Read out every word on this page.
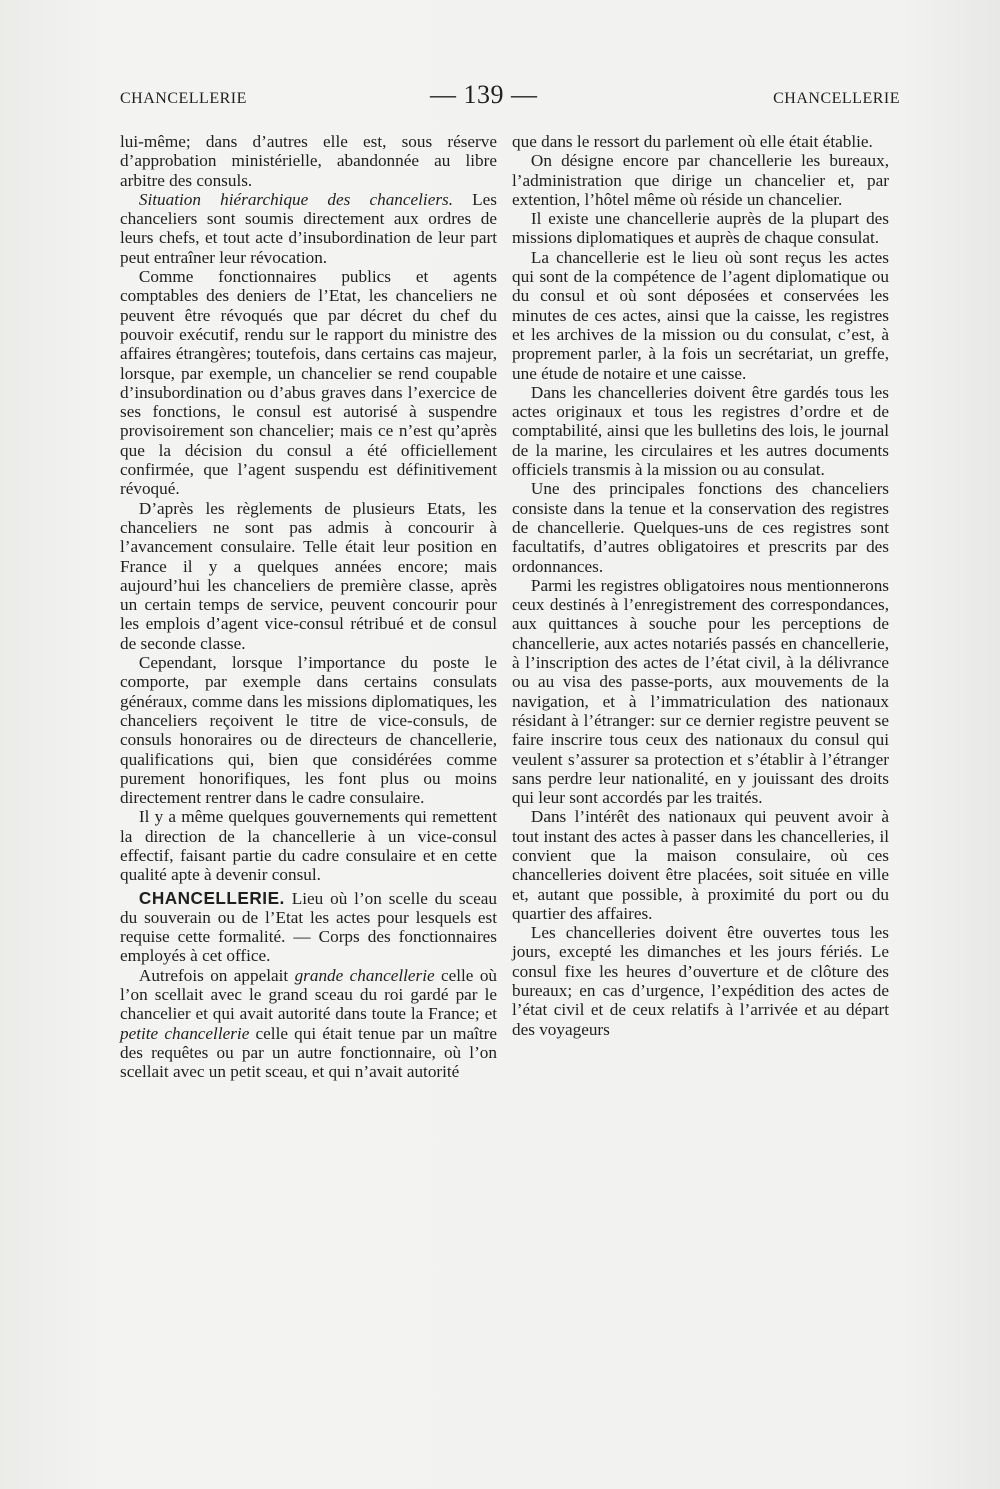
CHANCELLERIE	— 139 —	CHANCELLERIE

lui-même; dans d’autres elle est, sous réserve d’approbation ministérielle, abandonnée au libre arbitre des consuls.

Situation hiérarchique des chanceliers. Les chanceliers sont soumis directement aux ordres de leurs chefs, et tout acte d’insubordination de leur part peut entraîner leur révocation.

Comme fonctionnaires publics et agents comptables des deniers de l’Etat, les chanceliers ne peuvent être révoqués que par décret du chef du pouvoir exécutif, rendu sur le rapport du ministre des affaires étrangères; toutefois, dans certains cas majeur, lorsque, par exemple, un chancelier se rend coupable d’insubordination ou d’abus graves dans l’exercice de ses fonctions, le consul est autorisé à suspendre provisoirement son chancelier; mais ce n’est qu’après que la décision du consul a été officiellement confirmée, que l’agent suspendu est définitivement révoqué.

D’après les règlements de plusieurs Etats, les chanceliers ne sont pas admis à concourir à l’avancement consulaire. Telle était leur position en France il y a quelques années encore; mais aujourd’hui les chanceliers de première classe, après un certain temps de service, peuvent concourir pour les emplois d’agent vice-consul rétribué et de consul de seconde classe.

Cependant, lorsque l’importance du poste le comporte, par exemple dans certains consulats généraux, comme dans les missions diplomatiques, les chanceliers reçoivent le titre de vice-consuls, de consuls honoraires ou de directeurs de chancellerie, qualifications qui, bien que considérées comme purement honorifiques, les font plus ou moins directement rentrer dans le cadre consulaire.

Il y a même quelques gouvernements qui remettent la direction de la chancellerie à un vice-consul effectif, faisant partie du cadre consulaire et en cette qualité apte à devenir consul.

CHANCELLERIE. Lieu où l’on scelle du sceau du souverain ou de l’Etat les actes pour lesquels est requise cette formalité. — Corps des fonctionnaires employés à cet office.

Autrefois on appelait grande chancellerie celle où l’on scellait avec le grand sceau du roi gardé par le chancelier et qui avait autorité dans toute la France; et petite chancellerie celle qui était tenue par un maître des requêtes ou par un autre fonctionnaire, où l’on scellait avec un petit sceau, et qui n’avait autorité

que dans le ressort du parlement où elle était établie.

On désigne encore par chancellerie les bureaux, l’administration que dirige un chancelier et, par extention, l’hôtel même où réside un chancelier.

Il existe une chancellerie auprès de la plupart des missions diplomatiques et auprès de chaque consulat.

La chancellerie est le lieu où sont reçus les actes qui sont de la compétence de l’agent diplomatique ou du consul et où sont déposées et conservées les minutes de ces actes, ainsi que la caisse, les registres et les archives de la mission ou du consulat, c’est, à proprement parler, à la fois un secrétariat, un greffe, une étude de notaire et une caisse.

Dans les chancelleries doivent être gardés tous les actes originaux et tous les registres d’ordre et de comptabilité, ainsi que les bulletins des lois, le journal de la marine, les circulaires et les autres documents officiels transmis à la mission ou au consulat.

Une des principales fonctions des chanceliers consiste dans la tenue et la conservation des registres de chancellerie. Quelques-uns de ces registres sont facultatifs, d’autres obligatoires et prescrits par des ordonnances.

Parmi les registres obligatoires nous mentionnerons ceux destinés à l’enregistrement des correspondances, aux quittances à souche pour les perceptions de chancellerie, aux actes notariés passés en chancellerie, à l’inscription des actes de l’état civil, à la délivrance ou au visa des passe-ports, aux mouvements de la navigation, et à l’immatriculation des nationaux résidant à l’étranger: sur ce dernier registre peuvent se faire inscrire tous ceux des nationaux du consul qui veulent s’assurer sa protection et s’établir à l’étranger sans perdre leur nationalité, en y jouissant des droits qui leur sont accordés par les traités.

Dans l’intérêt des nationaux qui peuvent avoir à tout instant des actes à passer dans les chancelleries, il convient que la maison consulaire, où ces chancelleries doivent être placées, soit située en ville et, autant que possible, à proximité du port ou du quartier des affaires.

Les chancelleries doivent être ouvertes tous les jours, excepté les dimanches et les jours fériés. Le consul fixe les heures d’ouverture et de clôture des bureaux; en cas d’urgence, l’expédition des actes de l’état civil et de ceux relatifs à l’arrivée et au départ des voyageurs
